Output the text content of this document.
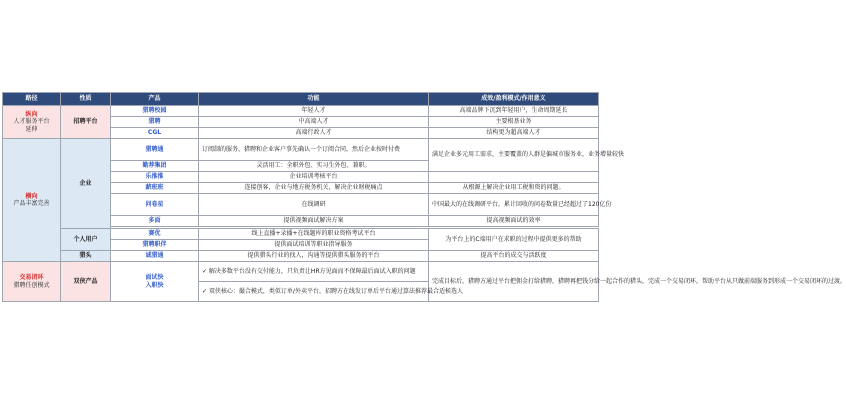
路径	性质	产品	功能	成效/盈利模式/作用意义
纵向
人才服务平台
延伸	招聘平台	猎聘校园	年轻人才	高端品牌下沉到年轻用户，生命周期延长
		猎聘	中高端人才	主要根基业务
		CGL	高端行政人才	结构更为超高端人才
横向
产品丰富完善	企业	猎聘通	订阅制的服务，猎聘和企业客户事先确认一个订阅合同，然后企业按时付费	满足企业多元用工需求，主要覆盖的人群是偏城市服务业，业务增量较快
		勤荐集团	灵活用工：全职外包、实习生外包、兼职。	
		乐推推	企业培训考核平台	
		薪班班	连接创客，企业与地方税务机关，解决企业财税痛点	从根源上解决企业用工税和资的问题。
		问卷星	在线调研	中国最大的在线调研平台，累计回收的问卷数量已经超过了120亿份
		多面	提供视频面试解决方案	提高视频面试的效率

	个人用户	赛优	线上直播+录播+在线题库的职业资格考试平台	为平台上的C端用户在求职的过程中提供更多的帮助
		猎聘职伴	提供面试培训等职业指导服务	
	猎头	诚猎通	提供猎头行业的找人，沟通等提供猎头服务的平台	提高平台的成交与活跃度
交易闭环
猎聘任创模式	双侠产品	面试快
入职快	✓ 解决多数平台没有交付能力，只负责让HR方见面而不保障最后面试入职的问题	完成目标后，猎聘方通过平台把佣金打给猎聘，猎聘再把钱分给一起合作的猎头，完成一个交易闭环，帮助平台从只做前端服务到形成一个交易闭环的过渡。
			✓ 双侠核心：撮合模式，类似订单/外卖平台，招聘方在线发订单后平台通过算法推荐最合适候选人	
